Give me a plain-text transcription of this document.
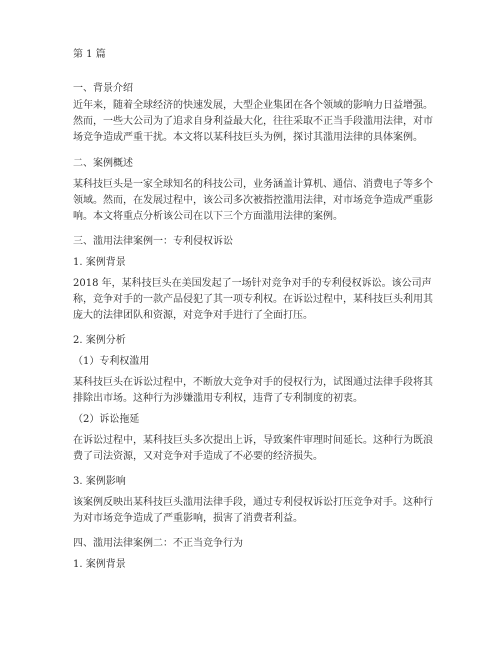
第 1 篇
一、背景介绍
近年来，随着全球经济的快速发展，大型企业集团在各个领域的影响力日益增强。
然而，一些大公司为了追求自身利益最大化，往往采取不正当手段滥用法律，对市
场竞争造成严重干扰。本文将以某科技巨头为例，探讨其滥用法律的具体案例。
二、案例概述
某科技巨头是一家全球知名的科技公司，业务涵盖计算机、通信、消费电子等多个
领域。然而，在发展过程中，该公司多次被指控滥用法律，对市场竞争造成严重影
响。本文将重点分析该公司在以下三个方面滥用法律的案例。
三、滥用法律案例一：专利侵权诉讼
1. 案例背景
2018 年，某科技巨头在美国发起了一场针对竞争对手的专利侵权诉讼。该公司声
称，竞争对手的一款产品侵犯了其一项专利权。在诉讼过程中，某科技巨头利用其
庞大的法律团队和资源，对竞争对手进行了全面打压。
2. 案例分析
（1）专利权滥用
某科技巨头在诉讼过程中，不断放大竞争对手的侵权行为，试图通过法律手段将其
排除出市场。这种行为涉嫌滥用专利权，违背了专利制度的初衷。
（2）诉讼拖延
在诉讼过程中，某科技巨头多次提出上诉，导致案件审理时间延长。这种行为既浪
费了司法资源，又对竞争对手造成了不必要的经济损失。
3. 案例影响
该案例反映出某科技巨头滥用法律手段，通过专利侵权诉讼打压竞争对手。这种行
为对市场竞争造成了严重影响，损害了消费者利益。
四、滥用法律案例二：不正当竞争行为
1. 案例背景
